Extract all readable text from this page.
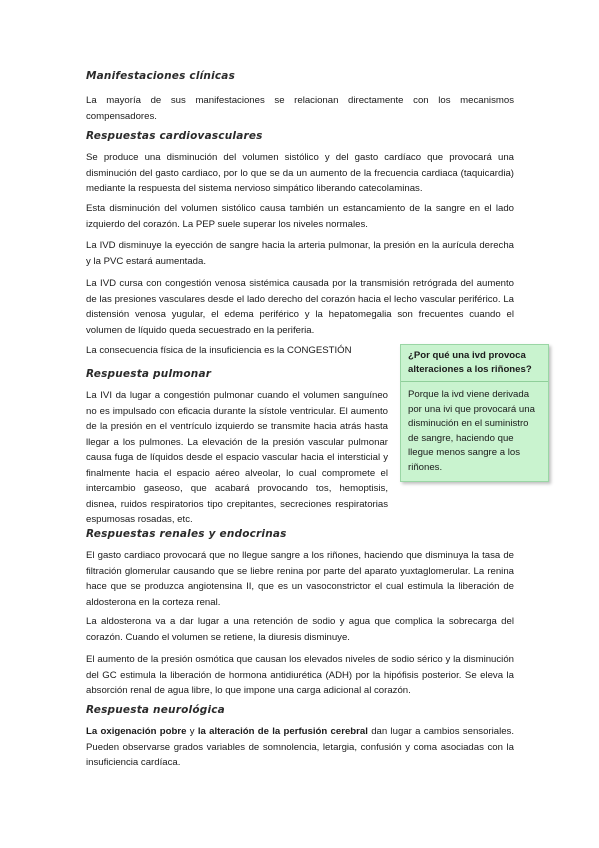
Manifestaciones clínicas

La mayoría de sus manifestaciones se relacionan directamente con los mecanismos compensadores.

Respuestas cardiovasculares

Se produce una disminución del volumen sistólico y del gasto cardíaco que provocará una disminución del gasto cardiaco, por lo que se da un aumento de la frecuencia cardiaca (taquicardia) mediante la respuesta del sistema nervioso simpático liberando catecolaminas.

Esta disminución del volumen sistólico causa también un estancamiento de la sangre en el lado izquierdo del corazón. La PEP suele superar los niveles normales.

La IVD disminuye la eyección de sangre hacia la arteria pulmonar, la presión en la aurícula derecha y la PVC estará aumentada.

La IVD cursa con congestión venosa sistémica causada por la transmisión retrógrada del aumento de las presiones vasculares desde el lado derecho del corazón hacia el lecho vascular periférico. La distensión venosa yugular, el edema periférico y la hepatomegalia son frecuentes cuando el volumen de líquido queda secuestrado en la periferia.

La consecuencia física de la insuficiencia es la CONGESTIÓN

Respuesta pulmonar

La IVI da lugar a congestión pulmonar cuando el volumen sanguíneo no es impulsado con eficacia durante la sístole ventricular. El aumento de la presión en el ventrículo izquierdo se transmite hacia atrás hasta llegar a los pulmones. La elevación de la presión vascular pulmonar causa fuga de líquidos desde el espacio vascular hacia el intersticial y finalmente hacia el espacio aéreo alveolar, lo cual compromete el intercambio gaseoso, que acabará provocando tos, hemoptisis, disnea, ruidos respiratorios tipo crepitantes, secreciones respiratorias espumosas rosadas, etc.

Respuestas renales y endocrinas

El gasto cardiaco provocará que no llegue sangre a los riñones, haciendo que disminuya la tasa de filtración glomerular causando que se liebre renina por parte del aparato yuxtaglomerular. La renina hace que se produzca angiotensina II, que es un vasoconstrictor el cual estimula la liberación de aldosterona en la corteza renal.

La aldosterona va a dar lugar a una retención de sodio y agua que complica la sobrecarga del corazón. Cuando el volumen se retiene, la diuresis disminuye.

El aumento de la presión osmótica que causan los elevados niveles de sodio sérico y la disminución del GC estimula la liberación de hormona antidiurética (ADH) por la hipófisis posterior. Se eleva la absorción renal de agua libre, lo que impone una carga adicional al corazón.

Respuesta neurológica

La oxigenación pobre y la alteración de la perfusión cerebral dan lugar a cambios sensoriales. Pueden observarse grados variables de somnolencia, letargia, confusión y coma asociadas con la insuficiencia cardíaca.

¿Por qué una ivd provoca alteraciones a los riñones?

Porque la ivd viene derivada por una ivi que provocará una disminución en el suministro de sangre, haciendo que llegue menos sangre a los riñones.
